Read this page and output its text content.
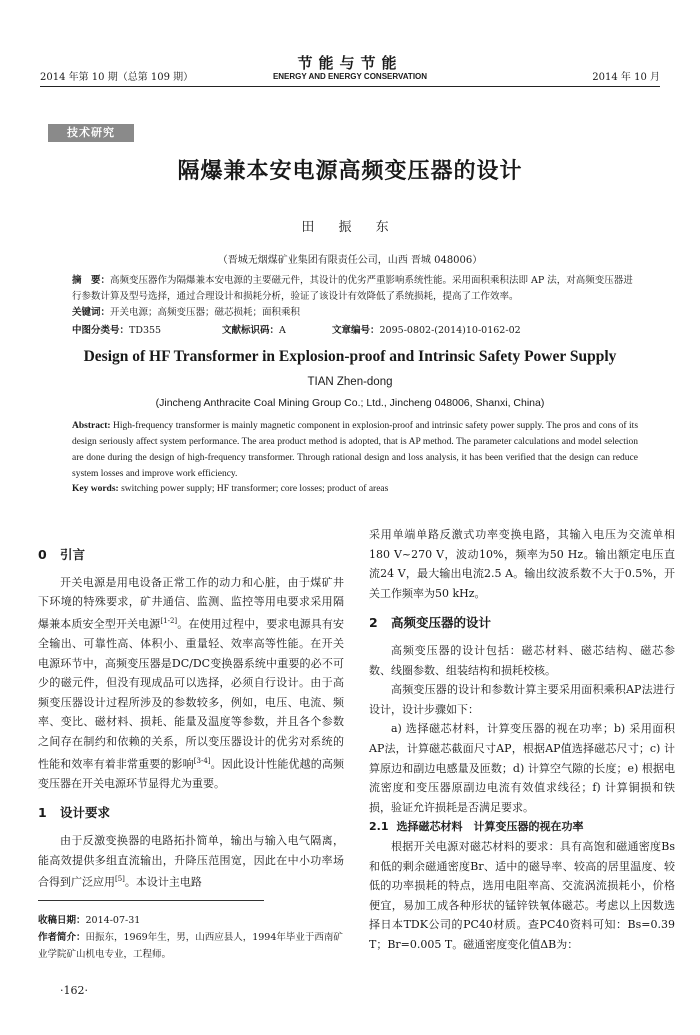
2014 年第 10 期（总第 109 期）
节能与节能
ENERGY AND ENERGY CONSERVATION	2014 年 10 月
技术研究
隔爆兼本安电源高频变压器的设计
田 振 东
（晋城无烟煤矿业集团有限责任公司，山西 晋城 048006）
摘　要：高频变压器作为隔爆兼本安电源的主要磁元件，其设计的优劣严重影响系统性能。采用面积乘积法即 AP 法，对高频变压器进行参数计算及型号选择，通过合理设计和损耗分析，验证了该设计有效降低了系统损耗，提高了工作效率。
关键词：开关电源；高频变压器；磁芯损耗；面积乘积
中图分类号：TD355	文献标识码：A	文章编号：2095-0802-(2014)10-0162-02
Design of HF Transformer in Explosion-proof and Intrinsic Safety Power Supply
TIAN Zhen-dong
(Jincheng Anthracite Coal Mining Group Co.; Ltd., Jincheng 048006, Shanxi, China)
Abstract: High-frequency transformer is mainly magnetic component in explosion-proof and intrinsic safety power supply. The pros and cons of its design seriously affect system performance. The area product method is adopted, that is AP method. The parameter calculations and model selection are done during the design of high-frequency transformer. Through rational design and loss analysis, it has been verified that the design can reduce system losses and improve work efficiency.
Key words: switching power supply; HF transformer; core losses; product of areas

0 引言

开关电源是用电设备正常工作的动力和心脏，由于煤矿井下环境的特殊要求，矿井通信、监测、监控等用电要求采用隔爆兼本质安全型开关电源[1-2]。在使用过程中，要求电源具有安全输出、可靠性高、体积小、重量轻、效率高等性能。在开关电源环节中，高频变压器是DC/DC变换器系统中重要的必不可少的磁元件，但没有现成品可以选择，必须自行设计。由于高频变压器设计过程所涉及的参数较多，例如，电压、电流、频率、变比、磁材料、损耗、能量及温度等参数，并且各个参数之间存在制约和依赖的关系，所以变压器设计的优劣对系统的性能和效率有着非常重要的影响[3-4]。因此设计性能优越的高频变压器在开关电源环节显得尤为重要。

1 设计要求

由于反激变换器的电路拓扑简单，输出与输入电气隔离，能高效提供多组直流输出，升降压范围宽，因此在中小功率场合得到广泛应用[5]。本设计主电路

收稿日期：2014-07-31
作者简介：田振东，1969年生，男，山西应县人，1994年毕业于西南矿业学院矿山机电专业，工程师。
·162·

采用单端单路反激式功率变换电路，其输入电压为交流单相180 V~270 V，波动10%，频率为50 Hz。输出额定电压直流24 V，最大输出电流2.5 A。输出纹波系数不大于0.5%，开关工作频率为50 kHz。

2 高频变压器的设计

高频变压器的设计包括：磁芯材料、磁芯结构、磁芯参数、线圈参数、组装结构和损耗校核。

高频变压器的设计和参数计算主要采用面积乘积AP法进行设计，设计步骤如下：

a) 选择磁芯材料，计算变压器的视在功率；b) 采用面积AP法，计算磁芯截面尺寸AP，根据AP值选择磁芯尺寸；c) 计算原边和副边电感量及匝数；d) 计算空气隙的长度；e) 根据电流密度和变压器原副边电流有效值求线径；f) 计算铜损和铁损，验证允许损耗是否满足要求。

2.1 选择磁芯材料　计算变压器的视在功率

根据开关电源对磁芯材料的要求：具有高饱和磁通密度Bs和低的剩余磁通密度Br、适中的磁导率、较高的居里温度、较低的功率损耗的特点，选用电阻率高、交流涡流损耗小，价格便宜，易加工成各种形状的锰锌铁氧体磁芯。考虑以上因数选择日本TDK公司的PC40材质。查PC40资料可知：Bs=0.39 T；Br=0.005 T。磁通密度变化值ΔB为：
